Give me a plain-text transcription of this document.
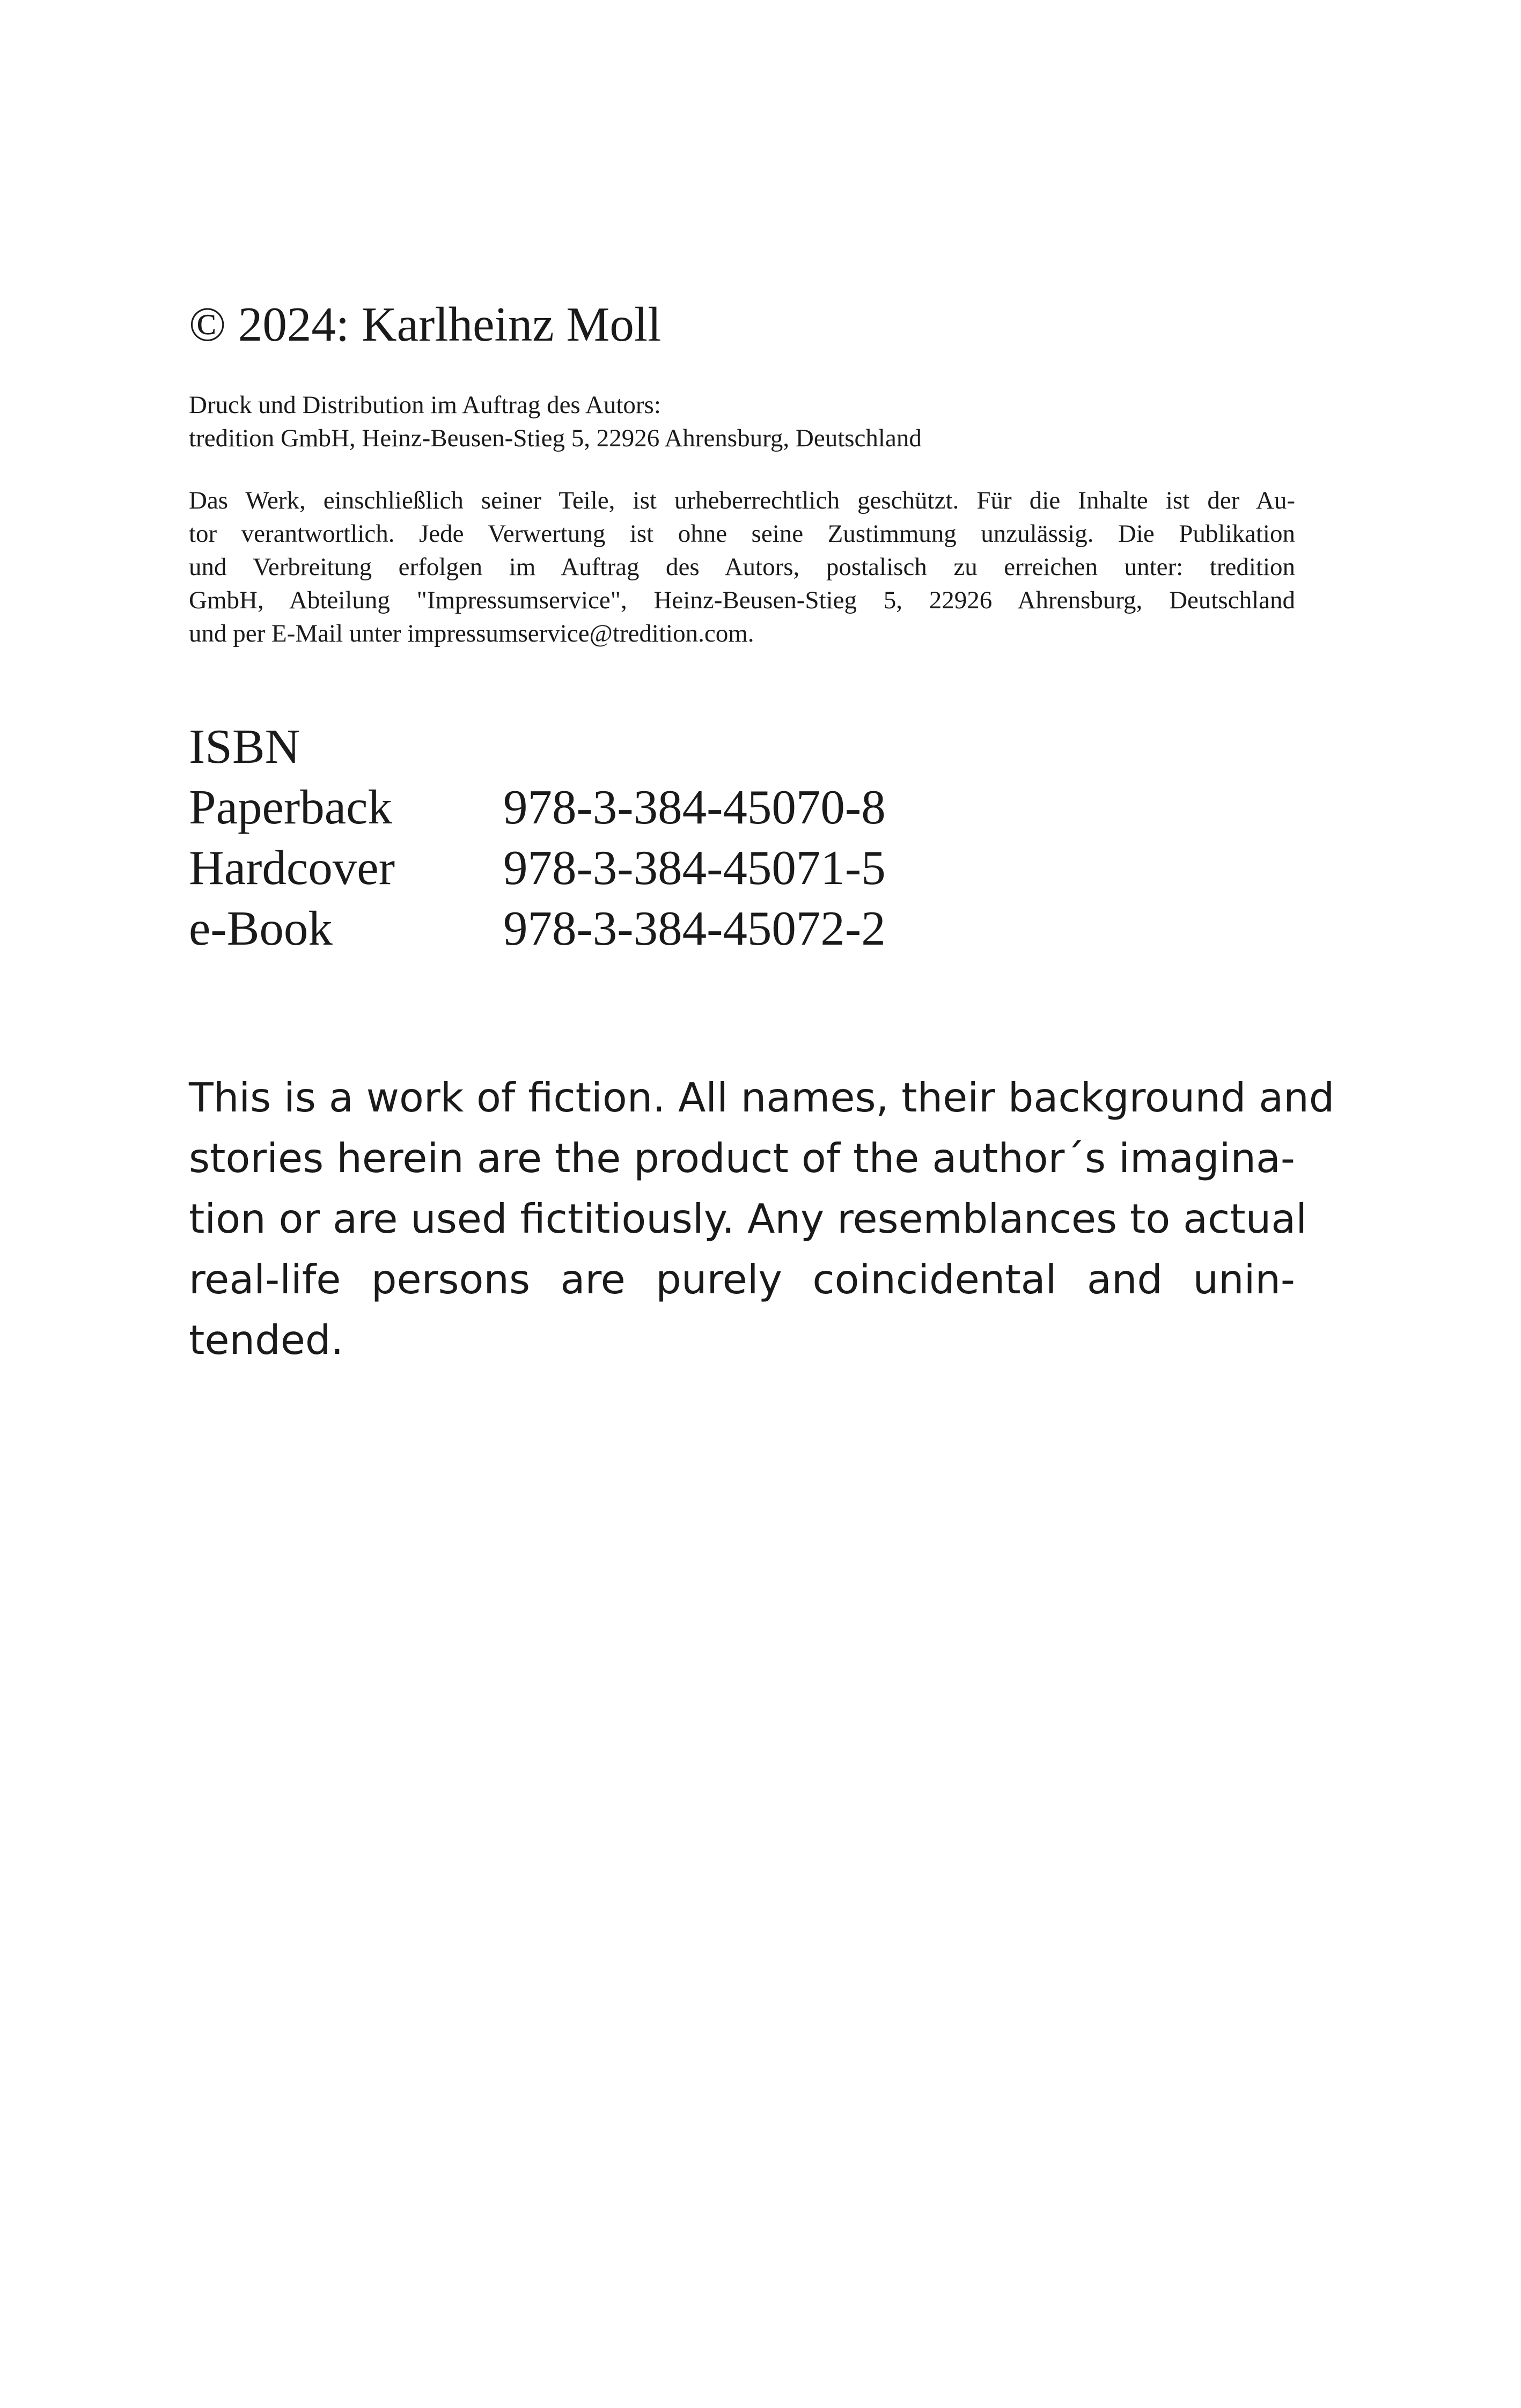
© 2024: Karlheinz Moll
Druck und Distribution im Auftrag des Autors:
tredition GmbH, Heinz-Beusen-Stieg 5, 22926 Ahrensburg, Deutschland
Das Werk, einschließlich seiner Teile, ist urheberrechtlich geschützt. Für die Inhalte ist der Au-
tor verantwortlich. Jede Verwertung ist ohne seine Zustimmung unzulässig. Die Publikation
und Verbreitung erfolgen im Auftrag des Autors, postalisch zu erreichen unter: tredition
GmbH, Abteilung "Impressumservice", Heinz-Beusen-Stieg 5, 22926 Ahrensburg, Deutschland
und per E-Mail unter impressumservice@tredition.com.
ISBN
Paperback	978-3-384-45070-8
Hardcover	978-3-384-45071-5
e-Book	978-3-384-45072-2
This is a work of fiction. All names, their background and
stories herein are the product of the author´s imagina-
tion or are used fictitiously. Any resemblances to actual
real-life persons are purely coincidental and unin-
tended.
